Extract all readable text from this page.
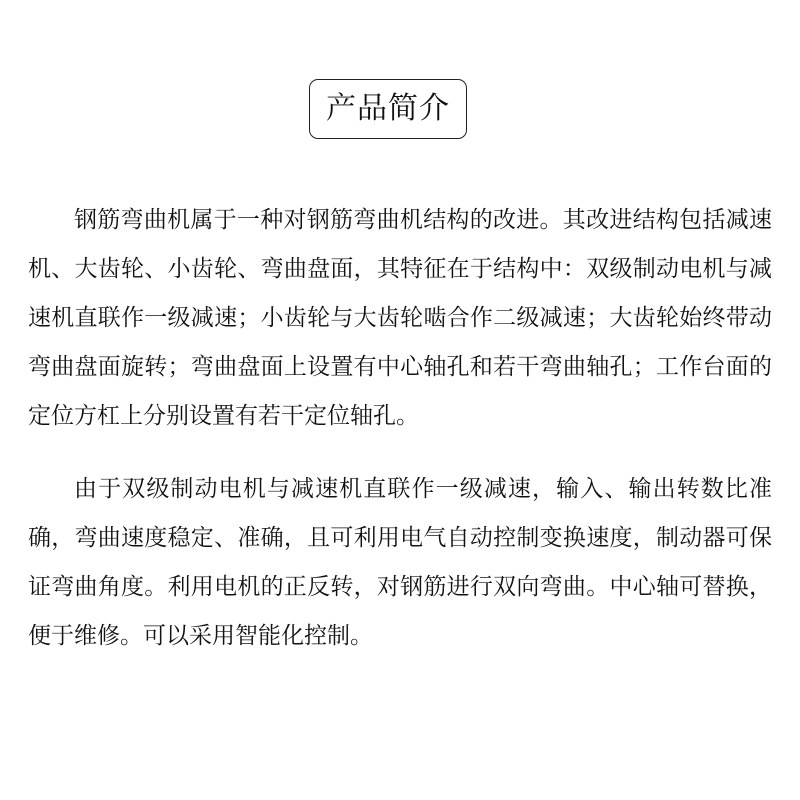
产品简介

钢筋弯曲机属于一种对钢筋弯曲机结构的改进。其改进结构包括减速机、大齿轮、小齿轮、弯曲盘面，其特征在于结构中：双级制动电机与减速机直联作一级减速；小齿轮与大齿轮啮合作二级减速；大齿轮始终带动弯曲盘面旋转；弯曲盘面上设置有中心轴孔和若干弯曲轴孔；工作台面的定位方杠上分别设置有若干定位轴孔。

由于双级制动电机与减速机直联作一级减速，输入、输出转数比准确，弯曲速度稳定、准确，且可利用电气自动控制变换速度，制动器可保证弯曲角度。利用电机的正反转，对钢筋进行双向弯曲。中心轴可替换，便于维修。可以采用智能化控制。
